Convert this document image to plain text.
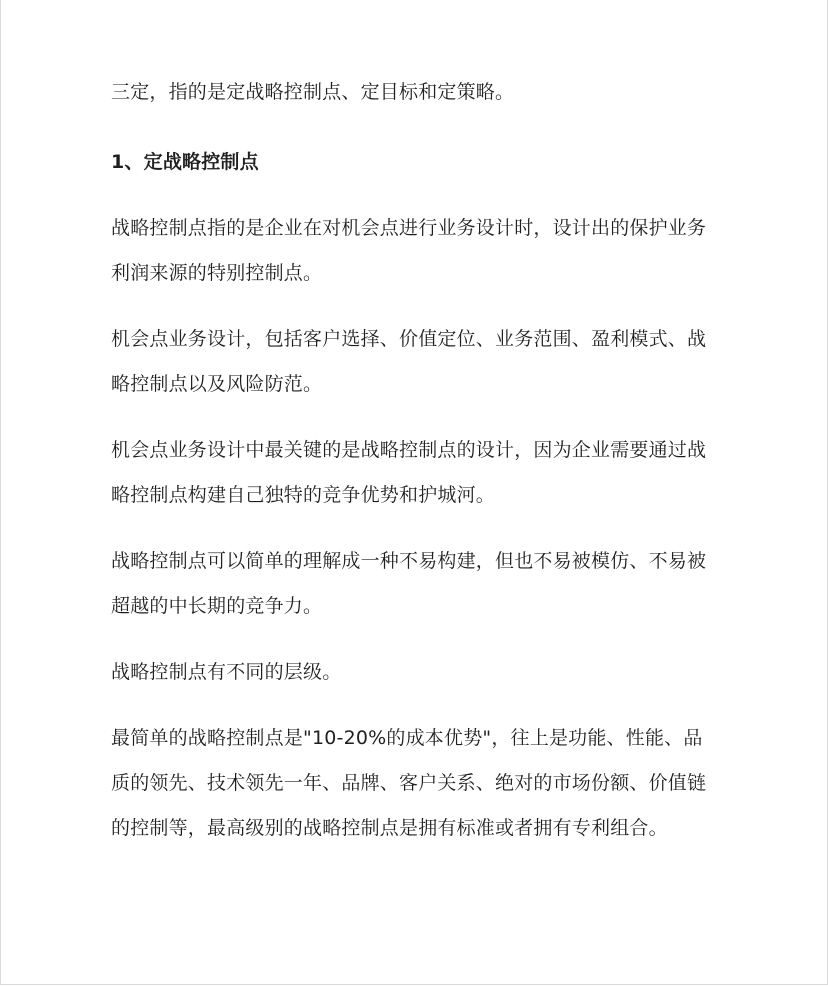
三定，指的是定战略控制点、定目标和定策略。

1、定战略控制点

战略控制点指的是企业在对机会点进行业务设计时，设计出的保护业务利润来源的特别控制点。

机会点业务设计，包括客户选择、价值定位、业务范围、盈利模式、战略控制点以及风险防范。

机会点业务设计中最关键的是战略控制点的设计，因为企业需要通过战略控制点构建自己独特的竞争优势和护城河。

战略控制点可以简单的理解成一种不易构建，但也不易被模仿、不易被超越的中长期的竞争力。

战略控制点有不同的层级。

最简单的战略控制点是"10-20%的成本优势"，往上是功能、性能、品质的领先、技术领先一年、品牌、客户关系、绝对的市场份额、价值链的控制等，最高级别的战略控制点是拥有标准或者拥有专利组合。
